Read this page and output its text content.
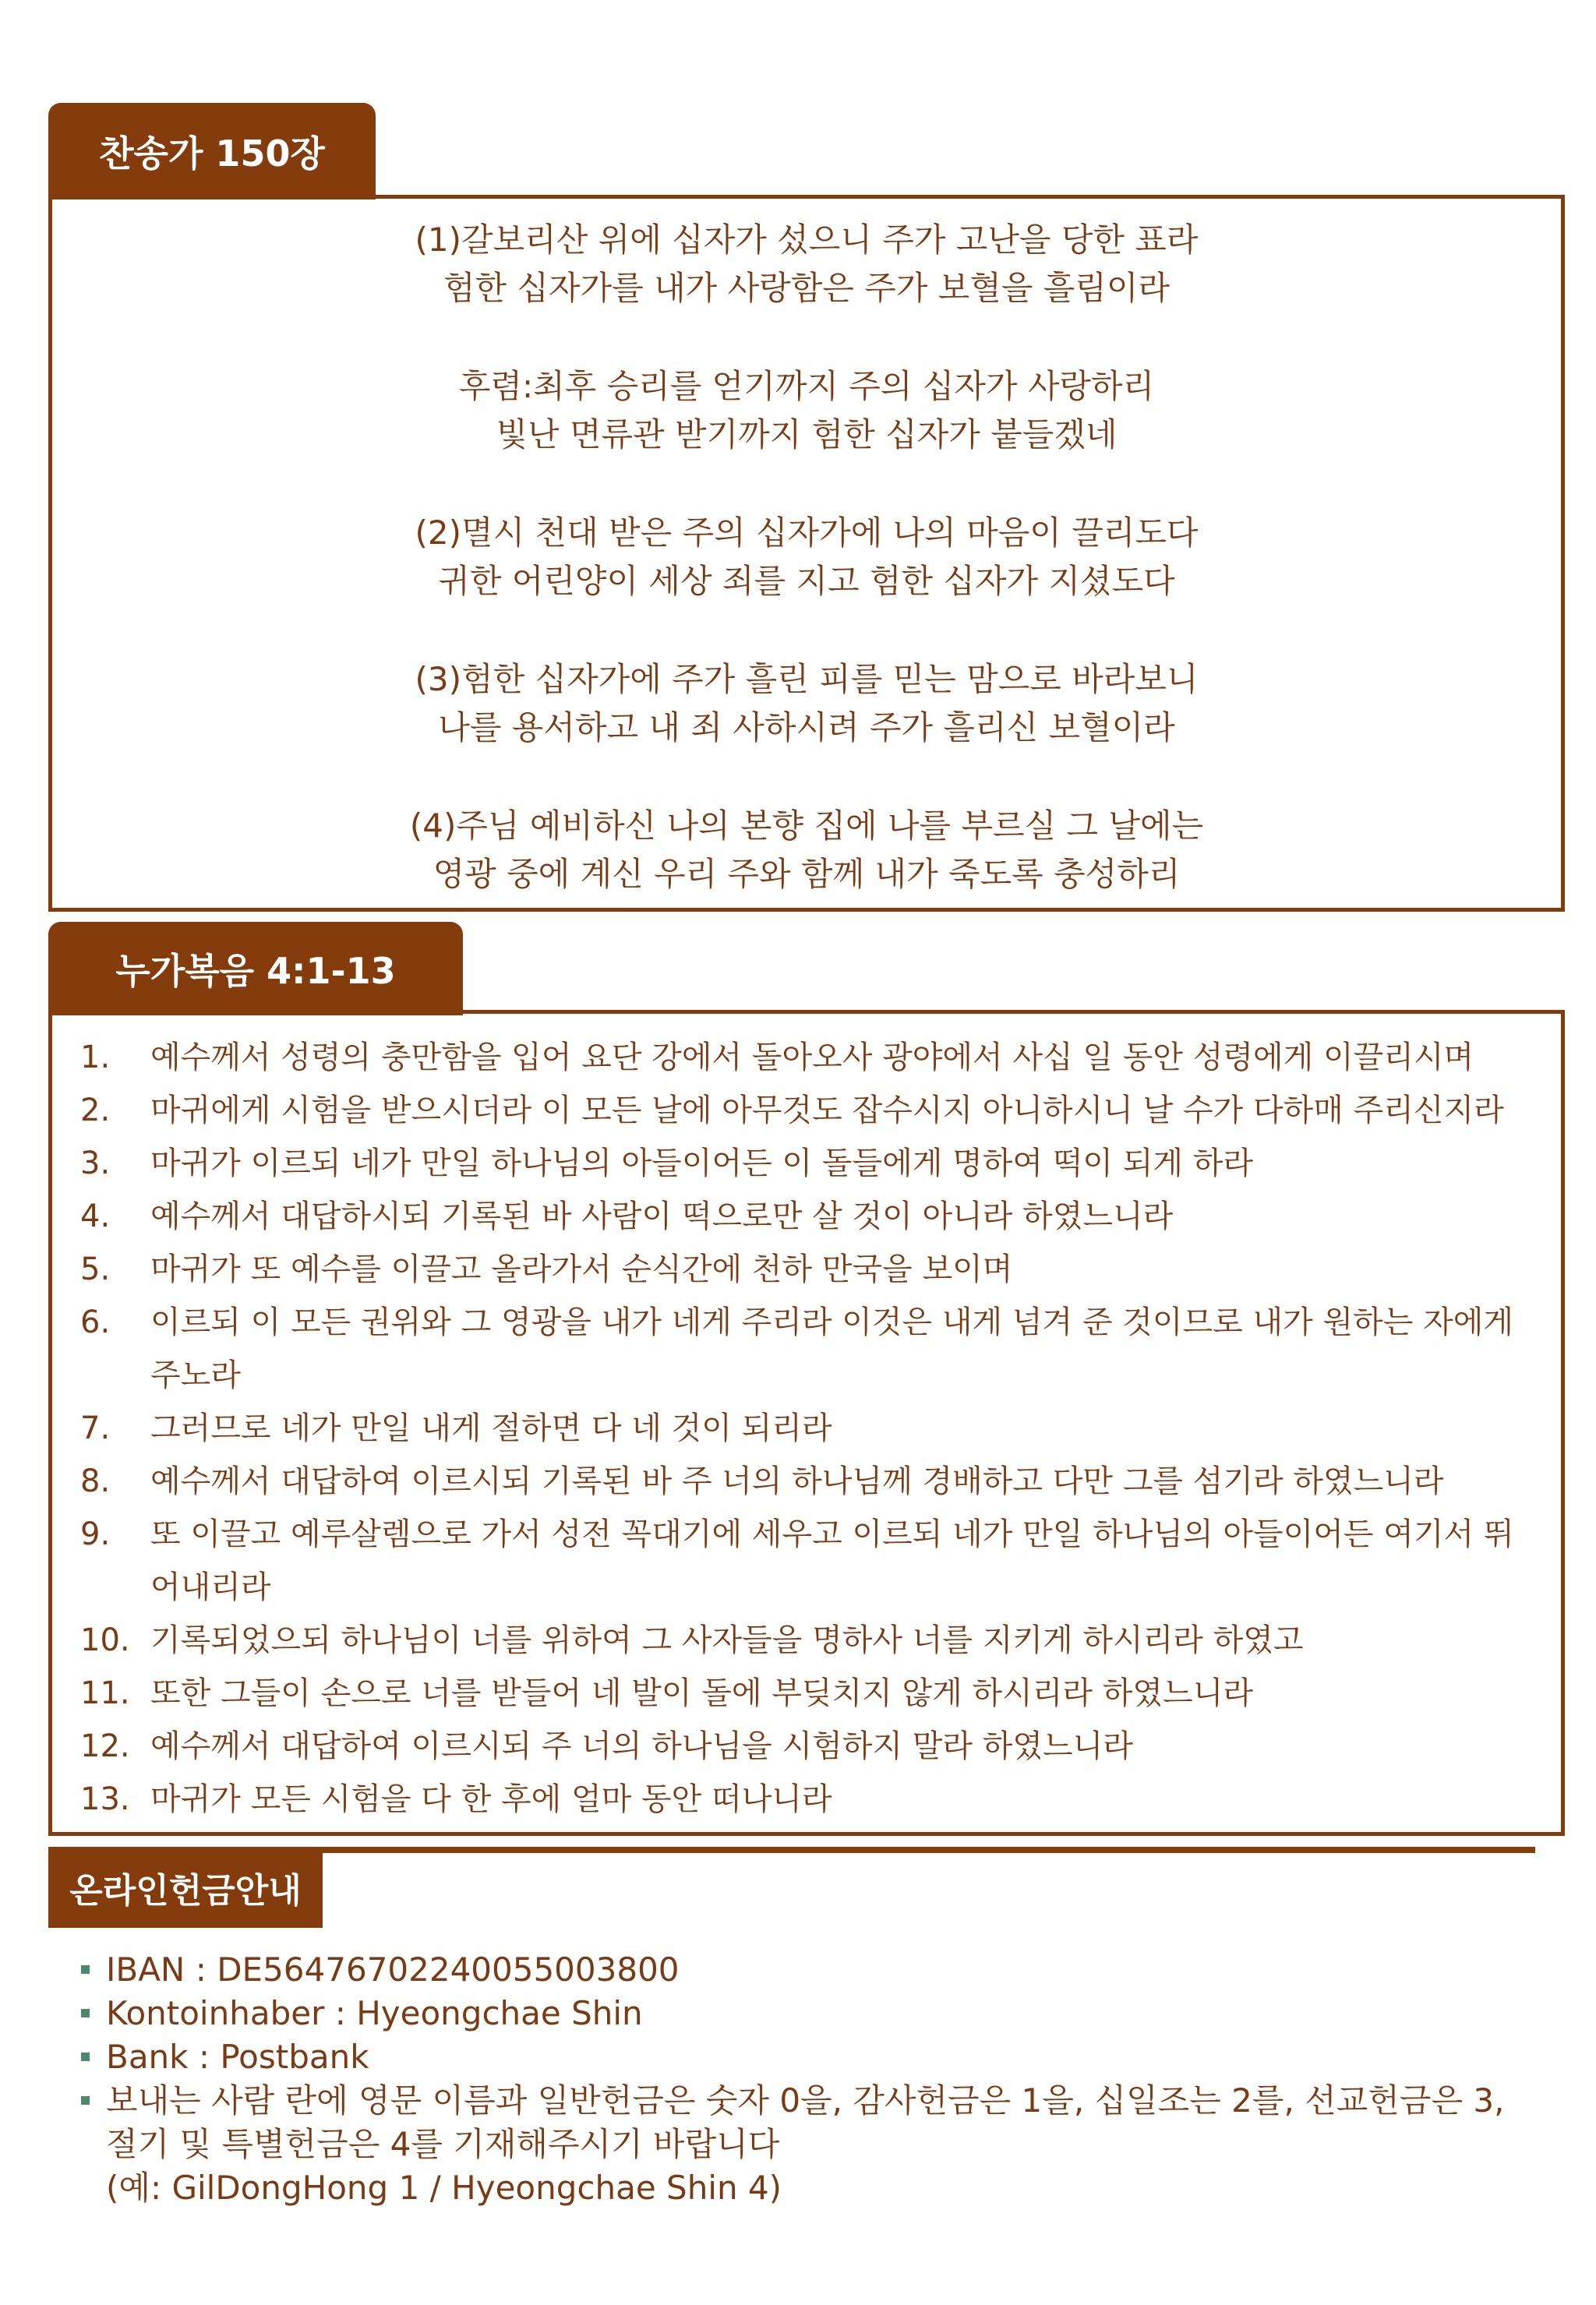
(1)갈보리산 위에 십자가 섰으니 주가 고난을 당한 표라
험한 십자가를 내가 사랑함은 주가 보혈을 흘림이라
후렴:최후 승리를 얻기까지 주의 십자가 사랑하리
빛난 면류관 받기까지 험한 십자가 붙들겠네
(2)멸시 천대 받은 주의 십자가에 나의 마음이 끌리도다
귀한 어린양이 세상 죄를 지고 험한 십자가 지셨도다
(3)험한 십자가에 주가 흘린 피를 믿는 맘으로 바라보니
나를 용서하고 내 죄 사하시려 주가 흘리신 보혈이라
(4)주님 예비하신 나의 본향 집에 나를 부르실 그 날에는
영광 중에 계신 우리 주와 함께 내가 죽도록 충성하리
찬송가 150장
1.	예수께서 성령의 충만함을 입어 요단 강에서 돌아오사 광야에서 사십 일 동안 성령에게 이끌리시며
2.	마귀에게 시험을 받으시더라 이 모든 날에 아무것도 잡수시지 아니하시니 날 수가 다하매 주리신지라
3.	마귀가 이르되 네가 만일 하나님의 아들이어든 이 돌들에게 명하여 떡이 되게 하라
4.	예수께서 대답하시되 기록된 바 사람이 떡으로만 살 것이 아니라 하였느니라
5.	마귀가 또 예수를 이끌고 올라가서 순식간에 천하 만국을 보이며
6.	이르되 이 모든 권위와 그 영광을 내가 네게 주리라 이것은 내게 넘겨 준 것이므로 내가 원하는 자에게 주노라
7.	그러므로 네가 만일 내게 절하면 다 네 것이 되리라
8.	예수께서 대답하여 이르시되 기록된 바 주 너의 하나님께 경배하고 다만 그를 섬기라 하였느니라
9.	또 이끌고 예루살렘으로 가서 성전 꼭대기에 세우고 이르되 네가 만일 하나님의 아들이어든 여기서 뛰어내리라
10. 기록되었으되 하나님이 너를 위하여 그 사자들을 명하사 너를 지키게 하시리라 하였고
11. 또한 그들이 손으로 너를 받들어 네 발이 돌에 부딪치지 않게 하시리라 하였느니라
12. 예수께서 대답하여 이르시되 주 너의 하나님을 시험하지 말라 하였느니라
13. 마귀가 모든 시험을 다 한 후에 얼마 동안 떠나니라
누가복음 4:1-13
온라인헌금안내
IBAN : DE56476702240055003800
Kontoinhaber : Hyeongchae Shin
Bank : Postbank
보내는 사람 란에 영문 이름과 일반헌금은 숫자 0을, 감사헌금은 1을, 십일조는 2를, 선교헌금은 3,
절기 및 특별헌금은 4를 기재해주시기 바랍니다
(예: GilDongHong 1 / Hyeongchae Shin 4)
